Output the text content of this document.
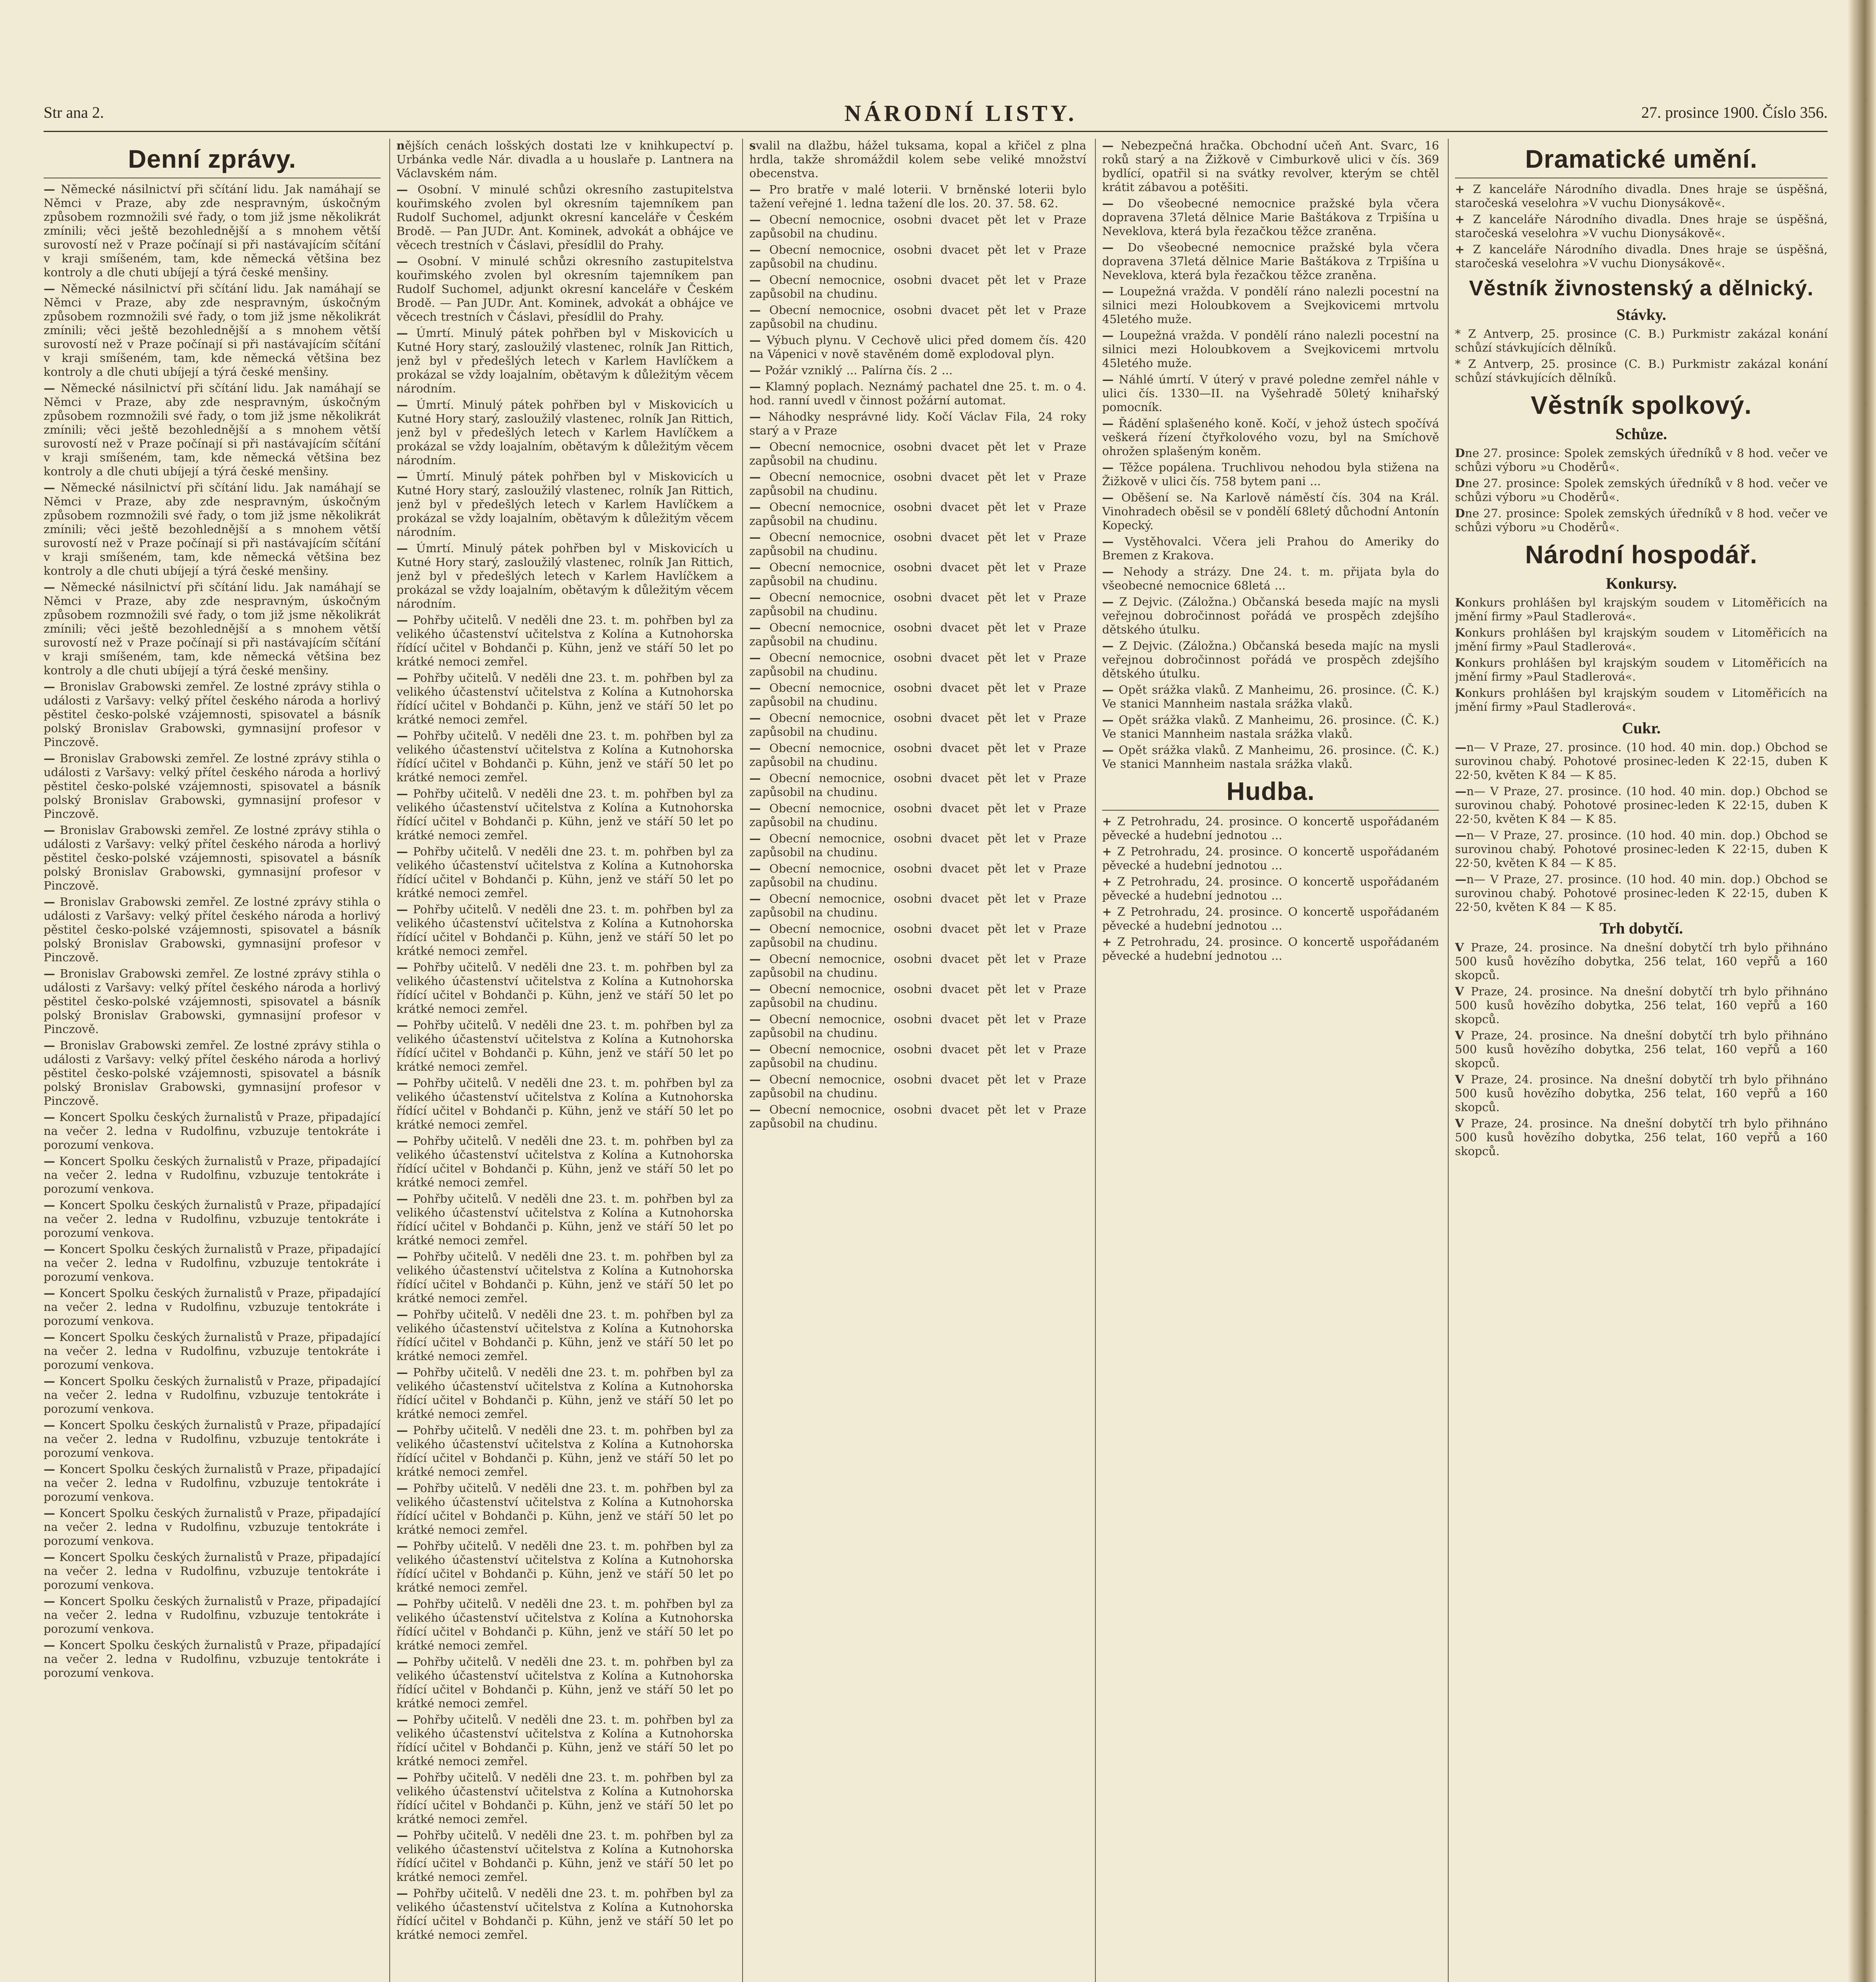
Str ana 2.	NÁRODNÍ LISTY.	27. prosince 1900. Číslo 356.
Denní zprávy.

— Německé násilnictví při sčítání lidu. Jak namáhají se Němci v Praze, aby zde nespravným, úskočným způsobem rozmnožili své řady, o tom již jsme několikrát zmínili; věci ještě bezohlednější a s mnohem větší surovostí než v Praze počínají si při nastávajícím sčítání v kraji smíšeném, tam, kde německá většina bez kontroly a dle chuti ubíjejí a týrá české menšiny.

— Německé násilnictví při sčítání lidu. Jak namáhají se Němci v Praze, aby zde nespravným, úskočným způsobem rozmnožili své řady, o tom již jsme několikrát zmínili; věci ještě bezohlednější a s mnohem větší surovostí než v Praze počínají si při nastávajícím sčítání v kraji smíšeném, tam, kde německá většina bez kontroly a dle chuti ubíjejí a týrá české menšiny.

— Německé násilnictví při sčítání lidu. Jak namáhají se Němci v Praze, aby zde nespravným, úskočným způsobem rozmnožili své řady, o tom již jsme několikrát zmínili; věci ještě bezohlednější a s mnohem větší surovostí než v Praze počínají si při nastávajícím sčítání v kraji smíšeném, tam, kde německá většina bez kontroly a dle chuti ubíjejí a týrá české menšiny.

— Německé násilnictví při sčítání lidu. Jak namáhají se Němci v Praze, aby zde nespravným, úskočným způsobem rozmnožili své řady, o tom již jsme několikrát zmínili; věci ještě bezohlednější a s mnohem větší surovostí než v Praze počínají si při nastávajícím sčítání v kraji smíšeném, tam, kde německá většina bez kontroly a dle chuti ubíjejí a týrá české menšiny.

— Německé násilnictví při sčítání lidu. Jak namáhají se Němci v Praze, aby zde nespravným, úskočným způsobem rozmnožili své řady, o tom již jsme několikrát zmínili; věci ještě bezohlednější a s mnohem větší surovostí než v Praze počínají si při nastávajícím sčítání v kraji smíšeném, tam, kde německá většina bez kontroly a dle chuti ubíjejí a týrá české menšiny.

— Bronislav Grabowski zemřel. Ze lostné zprávy stihla o události z Varšavy: velký přítel českého národa a horlivý pěstitel česko-polské vzájemnosti, spisovatel a básník polský Bronislav Grabowski, gymnasijní profesor v Pinczově.

— Bronislav Grabowski zemřel. Ze lostné zprávy stihla o události z Varšavy: velký přítel českého národa a horlivý pěstitel česko-polské vzájemnosti, spisovatel a básník polský Bronislav Grabowski, gymnasijní profesor v Pinczově.

— Bronislav Grabowski zemřel. Ze lostné zprávy stihla o události z Varšavy: velký přítel českého národa a horlivý pěstitel česko-polské vzájemnosti, spisovatel a básník polský Bronislav Grabowski, gymnasijní profesor v Pinczově.

— Bronislav Grabowski zemřel. Ze lostné zprávy stihla o události z Varšavy: velký přítel českého národa a horlivý pěstitel česko-polské vzájemnosti, spisovatel a básník polský Bronislav Grabowski, gymnasijní profesor v Pinczově.

— Bronislav Grabowski zemřel. Ze lostné zprávy stihla o události z Varšavy: velký přítel českého národa a horlivý pěstitel česko-polské vzájemnosti, spisovatel a básník polský Bronislav Grabowski, gymnasijní profesor v Pinczově.

— Bronislav Grabowski zemřel. Ze lostné zprávy stihla o události z Varšavy: velký přítel českého národa a horlivý pěstitel česko-polské vzájemnosti, spisovatel a básník polský Bronislav Grabowski, gymnasijní profesor v Pinczově.

— Koncert Spolku českých žurnalistů v Praze, připadající na večer 2. ledna v Rudolfinu, vzbuzuje tentokráte i porozumí venkova.

— Koncert Spolku českých žurnalistů v Praze, připadající na večer 2. ledna v Rudolfinu, vzbuzuje tentokráte i porozumí venkova.

— Koncert Spolku českých žurnalistů v Praze, připadající na večer 2. ledna v Rudolfinu, vzbuzuje tentokráte i porozumí venkova.

— Koncert Spolku českých žurnalistů v Praze, připadající na večer 2. ledna v Rudolfinu, vzbuzuje tentokráte i porozumí venkova.

— Koncert Spolku českých žurnalistů v Praze, připadající na večer 2. ledna v Rudolfinu, vzbuzuje tentokráte i porozumí venkova.

— Koncert Spolku českých žurnalistů v Praze, připadající na večer 2. ledna v Rudolfinu, vzbuzuje tentokráte i porozumí venkova.

— Koncert Spolku českých žurnalistů v Praze, připadající na večer 2. ledna v Rudolfinu, vzbuzuje tentokráte i porozumí venkova.

— Koncert Spolku českých žurnalistů v Praze, připadající na večer 2. ledna v Rudolfinu, vzbuzuje tentokráte i porozumí venkova.

— Koncert Spolku českých žurnalistů v Praze, připadající na večer 2. ledna v Rudolfinu, vzbuzuje tentokráte i porozumí venkova.

— Koncert Spolku českých žurnalistů v Praze, připadající na večer 2. ledna v Rudolfinu, vzbuzuje tentokráte i porozumí venkova.

— Koncert Spolku českých žurnalistů v Praze, připadající na večer 2. ledna v Rudolfinu, vzbuzuje tentokráte i porozumí venkova.

— Koncert Spolku českých žurnalistů v Praze, připadající na večer 2. ledna v Rudolfinu, vzbuzuje tentokráte i porozumí venkova.

— Koncert Spolku českých žurnalistů v Praze, připadající na večer 2. ledna v Rudolfinu, vzbuzuje tentokráte i porozumí venkova.

nějších cenách lošských dostati lze v knihkupectví p. Urbánka vedle Nár. divadla a u houslaře p. Lantnera na Václavském nám.

— Osobní. V minulé schůzi okresního zastupitelstva kouřimského zvolen byl okresním tajemníkem pan Rudolf Suchomel, adjunkt okresní kanceláře v Českém Brodě. — Pan JUDr. Ant. Kominek, advokát a obhájce ve věcech trestních v Čáslavi, přesídlil do Prahy.

— Osobní. V minulé schůzi okresního zastupitelstva kouřimského zvolen byl okresním tajemníkem pan Rudolf Suchomel, adjunkt okresní kanceláře v Českém Brodě. — Pan JUDr. Ant. Kominek, advokát a obhájce ve věcech trestních v Čáslavi, přesídlil do Prahy.

— Úmrtí. Minulý pátek pohřben byl v Miskovicích u Kutné Hory starý, zasloužilý vlastenec, rolník Jan Rittich, jenž byl v předešlých letech v Karlem Havlíčkem a prokázal se vždy loajalním, obětavým k důležitým věcem národním.

— Úmrtí. Minulý pátek pohřben byl v Miskovicích u Kutné Hory starý, zasloužilý vlastenec, rolník Jan Rittich, jenž byl v předešlých letech v Karlem Havlíčkem a prokázal se vždy loajalním, obětavým k důležitým věcem národním.

— Úmrtí. Minulý pátek pohřben byl v Miskovicích u Kutné Hory starý, zasloužilý vlastenec, rolník Jan Rittich, jenž byl v předešlých letech v Karlem Havlíčkem a prokázal se vždy loajalním, obětavým k důležitým věcem národním.

— Úmrtí. Minulý pátek pohřben byl v Miskovicích u Kutné Hory starý, zasloužilý vlastenec, rolník Jan Rittich, jenž byl v předešlých letech v Karlem Havlíčkem a prokázal se vždy loajalním, obětavým k důležitým věcem národním.

— Pohřby učitelů. V neděli dne 23. t. m. pohřben byl za velikého účastenství učitelstva z Kolína a Kutnohorska řídící učitel v Bohdanči p. Kühn, jenž ve stáří 50 let po krátké nemoci zemřel.

— Pohřby učitelů. V neděli dne 23. t. m. pohřben byl za velikého účastenství učitelstva z Kolína a Kutnohorska řídící učitel v Bohdanči p. Kühn, jenž ve stáří 50 let po krátké nemoci zemřel.

— Pohřby učitelů. V neděli dne 23. t. m. pohřben byl za velikého účastenství učitelstva z Kolína a Kutnohorska řídící učitel v Bohdanči p. Kühn, jenž ve stáří 50 let po krátké nemoci zemřel.

— Pohřby učitelů. V neděli dne 23. t. m. pohřben byl za velikého účastenství učitelstva z Kolína a Kutnohorska řídící učitel v Bohdanči p. Kühn, jenž ve stáří 50 let po krátké nemoci zemřel.

— Pohřby učitelů. V neděli dne 23. t. m. pohřben byl za velikého účastenství učitelstva z Kolína a Kutnohorska řídící učitel v Bohdanči p. Kühn, jenž ve stáří 50 let po krátké nemoci zemřel.

— Pohřby učitelů. V neděli dne 23. t. m. pohřben byl za velikého účastenství učitelstva z Kolína a Kutnohorska řídící učitel v Bohdanči p. Kühn, jenž ve stáří 50 let po krátké nemoci zemřel.

— Pohřby učitelů. V neděli dne 23. t. m. pohřben byl za velikého účastenství učitelstva z Kolína a Kutnohorska řídící učitel v Bohdanči p. Kühn, jenž ve stáří 50 let po krátké nemoci zemřel.

— Pohřby učitelů. V neděli dne 23. t. m. pohřben byl za velikého účastenství učitelstva z Kolína a Kutnohorska řídící učitel v Bohdanči p. Kühn, jenž ve stáří 50 let po krátké nemoci zemřel.

— Pohřby učitelů. V neděli dne 23. t. m. pohřben byl za velikého účastenství učitelstva z Kolína a Kutnohorska řídící učitel v Bohdanči p. Kühn, jenž ve stáří 50 let po krátké nemoci zemřel.

— Pohřby učitelů. V neděli dne 23. t. m. pohřben byl za velikého účastenství učitelstva z Kolína a Kutnohorska řídící učitel v Bohdanči p. Kühn, jenž ve stáří 50 let po krátké nemoci zemřel.

— Pohřby učitelů. V neděli dne 23. t. m. pohřben byl za velikého účastenství učitelstva z Kolína a Kutnohorska řídící učitel v Bohdanči p. Kühn, jenž ve stáří 50 let po krátké nemoci zemřel.

— Pohřby učitelů. V neděli dne 23. t. m. pohřben byl za velikého účastenství učitelstva z Kolína a Kutnohorska řídící učitel v Bohdanči p. Kühn, jenž ve stáří 50 let po krátké nemoci zemřel.

— Pohřby učitelů. V neděli dne 23. t. m. pohřben byl za velikého účastenství učitelstva z Kolína a Kutnohorska řídící učitel v Bohdanči p. Kühn, jenž ve stáří 50 let po krátké nemoci zemřel.

— Pohřby učitelů. V neděli dne 23. t. m. pohřben byl za velikého účastenství učitelstva z Kolína a Kutnohorska řídící učitel v Bohdanči p. Kühn, jenž ve stáří 50 let po krátké nemoci zemřel.

— Pohřby učitelů. V neděli dne 23. t. m. pohřben byl za velikého účastenství učitelstva z Kolína a Kutnohorska řídící učitel v Bohdanči p. Kühn, jenž ve stáří 50 let po krátké nemoci zemřel.

— Pohřby učitelů. V neděli dne 23. t. m. pohřben byl za velikého účastenství učitelstva z Kolína a Kutnohorska řídící učitel v Bohdanči p. Kühn, jenž ve stáří 50 let po krátké nemoci zemřel.

— Pohřby učitelů. V neděli dne 23. t. m. pohřben byl za velikého účastenství učitelstva z Kolína a Kutnohorska řídící učitel v Bohdanči p. Kühn, jenž ve stáří 50 let po krátké nemoci zemřel.

— Pohřby učitelů. V neděli dne 23. t. m. pohřben byl za velikého účastenství učitelstva z Kolína a Kutnohorska řídící učitel v Bohdanči p. Kühn, jenž ve stáří 50 let po krátké nemoci zemřel.

— Pohřby učitelů. V neděli dne 23. t. m. pohřben byl za velikého účastenství učitelstva z Kolína a Kutnohorska řídící učitel v Bohdanči p. Kühn, jenž ve stáří 50 let po krátké nemoci zemřel.

— Pohřby učitelů. V neděli dne 23. t. m. pohřben byl za velikého účastenství učitelstva z Kolína a Kutnohorska řídící učitel v Bohdanči p. Kühn, jenž ve stáří 50 let po krátké nemoci zemřel.

— Pohřby učitelů. V neděli dne 23. t. m. pohřben byl za velikého účastenství učitelstva z Kolína a Kutnohorska řídící učitel v Bohdanči p. Kühn, jenž ve stáří 50 let po krátké nemoci zemřel.

— Pohřby učitelů. V neděli dne 23. t. m. pohřben byl za velikého účastenství učitelstva z Kolína a Kutnohorska řídící učitel v Bohdanči p. Kühn, jenž ve stáří 50 let po krátké nemoci zemřel.

— Pohřby učitelů. V neděli dne 23. t. m. pohřben byl za velikého účastenství učitelstva z Kolína a Kutnohorska řídící učitel v Bohdanči p. Kühn, jenž ve stáří 50 let po krátké nemoci zemřel.

svalil na dlažbu, hážel tuksama, kopal a křičel z plna hrdla, takže shromáždil kolem sebe veliké množství obecenstva.

— Pro bratře v malé loterii. V brněnské loterii bylo tažení veřejné 1. ledna tažení dle los. 20. 37. 58. 62.

— Obecní nemocnice, osobni dvacet pět let v Praze zapůsobil na chudinu.

— Obecní nemocnice, osobni dvacet pět let v Praze zapůsobil na chudinu.

— Obecní nemocnice, osobni dvacet pět let v Praze zapůsobil na chudinu.

— Obecní nemocnice, osobni dvacet pět let v Praze zapůsobil na chudinu.

— Výbuch plynu. V Cechově ulici před domem čís. 420 na Vápenici v nově stavěném domě explodoval plyn.

— Požár vzniklý ... Palírna čís. 2 ...

— Klamný poplach. Neznámý pachatel dne 25. t. m. o 4. hod. ranní uvedl v činnost požární automat.

— Náhodky nesprávné lidy. Kočí Václav Fila, 24 roky starý a v Praze

— Obecní nemocnice, osobni dvacet pět let v Praze zapůsobil na chudinu.

— Obecní nemocnice, osobni dvacet pět let v Praze zapůsobil na chudinu.

— Obecní nemocnice, osobni dvacet pět let v Praze zapůsobil na chudinu.

— Obecní nemocnice, osobni dvacet pět let v Praze zapůsobil na chudinu.

— Obecní nemocnice, osobni dvacet pět let v Praze zapůsobil na chudinu.

— Obecní nemocnice, osobni dvacet pět let v Praze zapůsobil na chudinu.

— Obecní nemocnice, osobni dvacet pět let v Praze zapůsobil na chudinu.

— Obecní nemocnice, osobni dvacet pět let v Praze zapůsobil na chudinu.

— Obecní nemocnice, osobni dvacet pět let v Praze zapůsobil na chudinu.

— Obecní nemocnice, osobni dvacet pět let v Praze zapůsobil na chudinu.

— Obecní nemocnice, osobni dvacet pět let v Praze zapůsobil na chudinu.

— Obecní nemocnice, osobni dvacet pět let v Praze zapůsobil na chudinu.

— Obecní nemocnice, osobni dvacet pět let v Praze zapůsobil na chudinu.

— Obecní nemocnice, osobni dvacet pět let v Praze zapůsobil na chudinu.

— Obecní nemocnice, osobni dvacet pět let v Praze zapůsobil na chudinu.

— Obecní nemocnice, osobni dvacet pět let v Praze zapůsobil na chudinu.

— Obecní nemocnice, osobni dvacet pět let v Praze zapůsobil na chudinu.

— Obecní nemocnice, osobni dvacet pět let v Praze zapůsobil na chudinu.

— Obecní nemocnice, osobni dvacet pět let v Praze zapůsobil na chudinu.

— Obecní nemocnice, osobni dvacet pět let v Praze zapůsobil na chudinu.

— Obecní nemocnice, osobni dvacet pět let v Praze zapůsobil na chudinu.

— Obecní nemocnice, osobni dvacet pět let v Praze zapůsobil na chudinu.

— Obecní nemocnice, osobni dvacet pět let v Praze zapůsobil na chudinu.

— Nebezpečná hračka. Obchodní učeň Ant. Svarc, 16 roků starý a na Žižkově v Cimburkově ulici v čís. 369 bydlící, opatřil si na svátky revolver, kterým se chtěl krátit zábavou a potěšiti.

— Do všeobecné nemocnice pražské byla včera dopravena 37letá dělnice Marie Baštákova z Trpišína u Neveklova, která byla řezačkou těžce zraněna.

— Do všeobecné nemocnice pražské byla včera dopravena 37letá dělnice Marie Baštákova z Trpišína u Neveklova, která byla řezačkou těžce zraněna.

— Loupežná vražda. V pondělí ráno nalezli pocestní na silnici mezi Holoubkovem a Svejkovicemi mrtvolu 45letého muže.

— Loupežná vražda. V pondělí ráno nalezli pocestní na silnici mezi Holoubkovem a Svejkovicemi mrtvolu 45letého muže.

— Náhlé úmrtí. V úterý v pravé poledne zemřel náhle v ulici čís. 1330—II. na Vyšehradě 50letý knihařský pomocník.

— Řádění splašeného koně. Kočí, v jehož ústech spočívá veškerá řízení čtyřkolového vozu, byl na Smíchově ohrožen splašeným koněm.

— Těžce popálena. Truchlivou nehodou byla stižena na Žižkově v ulici čís. 758 bytem pani ...

— Oběšení se. Na Karlově náměstí čís. 304 na Král. Vinohradech oběsil se v pondělí 68letý důchodní Antonín Kopecký.

— Vystěhovalci. Včera jeli Prahou do Ameriky do Bremen z Krakova.

— Nehody a strázy. Dne 24. t. m. přijata byla do všeobecné nemocnice 68letá ...

— Z Dejvic. (Záložna.) Občanská beseda majíc na mysli veřejnou dobročinnost pořádá ve prospěch zdejšího dětského útulku.

— Z Dejvic. (Záložna.) Občanská beseda majíc na mysli veřejnou dobročinnost pořádá ve prospěch zdejšího dětského útulku.

— Opět srážka vlaků. Z Manheimu, 26. prosince. (Č. K.) Ve stanici Mannheim nastala srážka vlaků.

— Opět srážka vlaků. Z Manheimu, 26. prosince. (Č. K.) Ve stanici Mannheim nastala srážka vlaků.

— Opět srážka vlaků. Z Manheimu, 26. prosince. (Č. K.) Ve stanici Mannheim nastala srážka vlaků.

Hudba.

+ Z Petrohradu, 24. prosince. O koncertě uspořádaném pěvecké a hudební jednotou ...

+ Z Petrohradu, 24. prosince. O koncertě uspořádaném pěvecké a hudební jednotou ...

+ Z Petrohradu, 24. prosince. O koncertě uspořádaném pěvecké a hudební jednotou ...

+ Z Petrohradu, 24. prosince. O koncertě uspořádaném pěvecké a hudební jednotou ...

+ Z Petrohradu, 24. prosince. O koncertě uspořádaném pěvecké a hudební jednotou ...

Dramatické umění.

+ Z kanceláře Národního divadla. Dnes hraje se úspěšná, staročeská veselohra »V vuchu Dionysákově«.

+ Z kanceláře Národního divadla. Dnes hraje se úspěšná, staročeská veselohra »V vuchu Dionysákově«.

+ Z kanceláře Národního divadla. Dnes hraje se úspěšná, staročeská veselohra »V vuchu Dionysákově«.

Věstník živnostenský a dělnický.
Stávky.

* Z Antverp, 25. prosince (C. B.) Purkmistr zakázal konání schůzí stávkujících dělníků.

* Z Antverp, 25. prosince (C. B.) Purkmistr zakázal konání schůzí stávkujících dělníků.

Věstník spolkový.
Schůze.

Dne 27. prosince: Spolek zemských úředníků v 8 hod. večer ve schůzi výboru »u Choděrů«.

Dne 27. prosince: Spolek zemských úředníků v 8 hod. večer ve schůzi výboru »u Choděrů«.

Dne 27. prosince: Spolek zemských úředníků v 8 hod. večer ve schůzi výboru »u Choděrů«.

Národní hospodář.
Konkursy.

Konkurs prohlášen byl krajským soudem v Litoměřicích na jmění firmy »Paul Stadlerová«.

Konkurs prohlášen byl krajským soudem v Litoměřicích na jmění firmy »Paul Stadlerová«.

Konkurs prohlášen byl krajským soudem v Litoměřicích na jmění firmy »Paul Stadlerová«.

Konkurs prohlášen byl krajským soudem v Litoměřicích na jmění firmy »Paul Stadlerová«.

Cukr.

—n— V Praze, 27. prosince. (10 hod. 40 min. dop.) Obchod se surovinou chabý. Pohotové prosinec-leden K 22·15, duben K 22·50, květen K 84 — K 85.

—n— V Praze, 27. prosince. (10 hod. 40 min. dop.) Obchod se surovinou chabý. Pohotové prosinec-leden K 22·15, duben K 22·50, květen K 84 — K 85.

—n— V Praze, 27. prosince. (10 hod. 40 min. dop.) Obchod se surovinou chabý. Pohotové prosinec-leden K 22·15, duben K 22·50, květen K 84 — K 85.

—n— V Praze, 27. prosince. (10 hod. 40 min. dop.) Obchod se surovinou chabý. Pohotové prosinec-leden K 22·15, duben K 22·50, květen K 84 — K 85.

Trh dobytčí.

V Praze, 24. prosince. Na dnešní dobytčí trh bylo přihnáno 500 kusů hovězího dobytka, 256 telat, 160 vepřů a 160 skopců.

V Praze, 24. prosince. Na dnešní dobytčí trh bylo přihnáno 500 kusů hovězího dobytka, 256 telat, 160 vepřů a 160 skopců.

V Praze, 24. prosince. Na dnešní dobytčí trh bylo přihnáno 500 kusů hovězího dobytka, 256 telat, 160 vepřů a 160 skopců.

V Praze, 24. prosince. Na dnešní dobytčí trh bylo přihnáno 500 kusů hovězího dobytka, 256 telat, 160 vepřů a 160 skopců.

V Praze, 24. prosince. Na dnešní dobytčí trh bylo přihnáno 500 kusů hovězího dobytka, 256 telat, 160 vepřů a 160 skopců.
